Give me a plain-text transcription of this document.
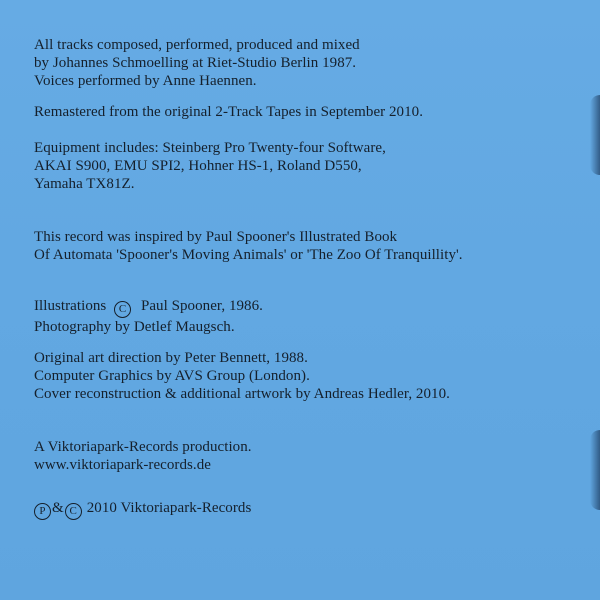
All tracks composed, performed, produced and mixed
by Johannes Schmoelling at Riet-Studio Berlin 1987.
Voices performed by Anne Haennen.

Remastered from the original 2-Track Tapes in September 2010.

Equipment includes: Steinberg Pro Twenty-four Software,
AKAI S900, EMU SPI2, Hohner HS-1, Roland D550,
Yamaha TX81Z.

This record was inspired by Paul Spooner's Illustrated Book
Of Automata 'Spooner's Moving Animals' or 'The Zoo Of Tranquillity'.

Illustrations C Paul Spooner, 1986.
Photography by Detlef Maugsch.

Original art direction by Peter Bennett, 1988.
Computer Graphics by AVS Group (London).
Cover reconstruction & additional artwork by Andreas Hedler, 2010.

A Viktoriapark-Records production.
www.viktoriapark-records.de

P & C 2010 Viktoriapark-Records
